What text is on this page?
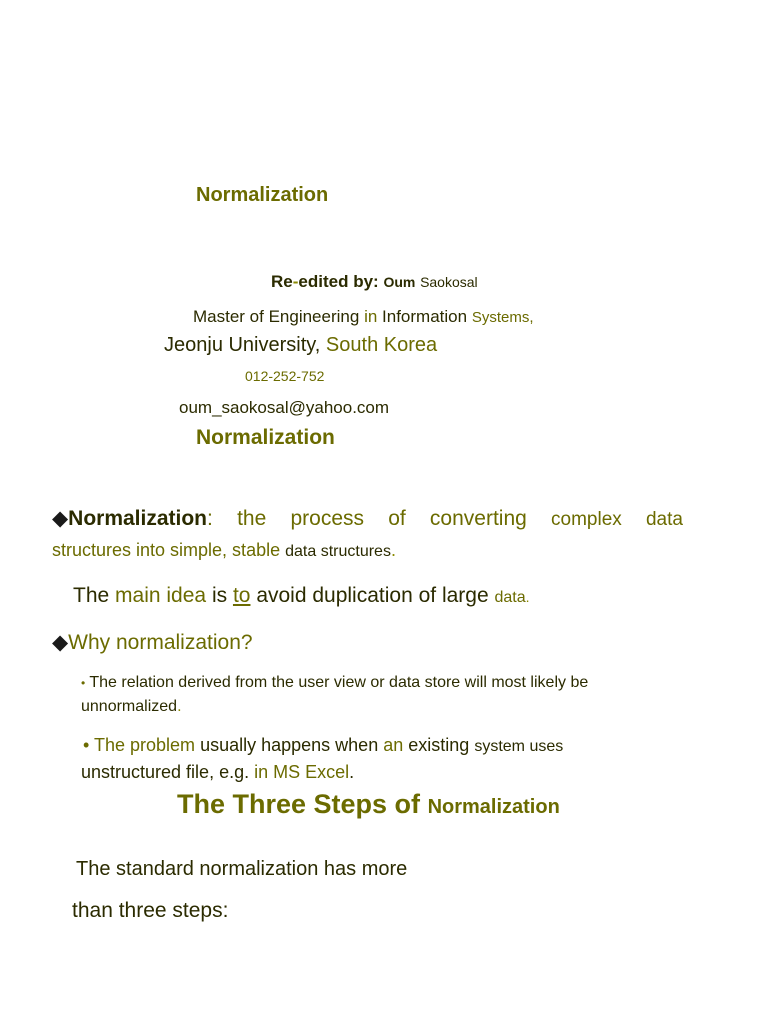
Normalization
Re-edited by: Oum Saokosal
Master of Engineering in Information Systems,
Jeonju University, South Korea
012-252-752
oum_saokosal@yahoo.com
Normalization
◆Normalization: the process of converting complex data
structures into simple, stable data structures.
The main idea is to avoid duplication of large data.
◆Why normalization?
• The relation derived from the user view or data store will most likely be
unnormalized.
• The problem usually happens when an existing system uses
unstructured file, e.g. in MS Excel.
The Three Steps of Normalization
The standard normalization has more
than three steps:
